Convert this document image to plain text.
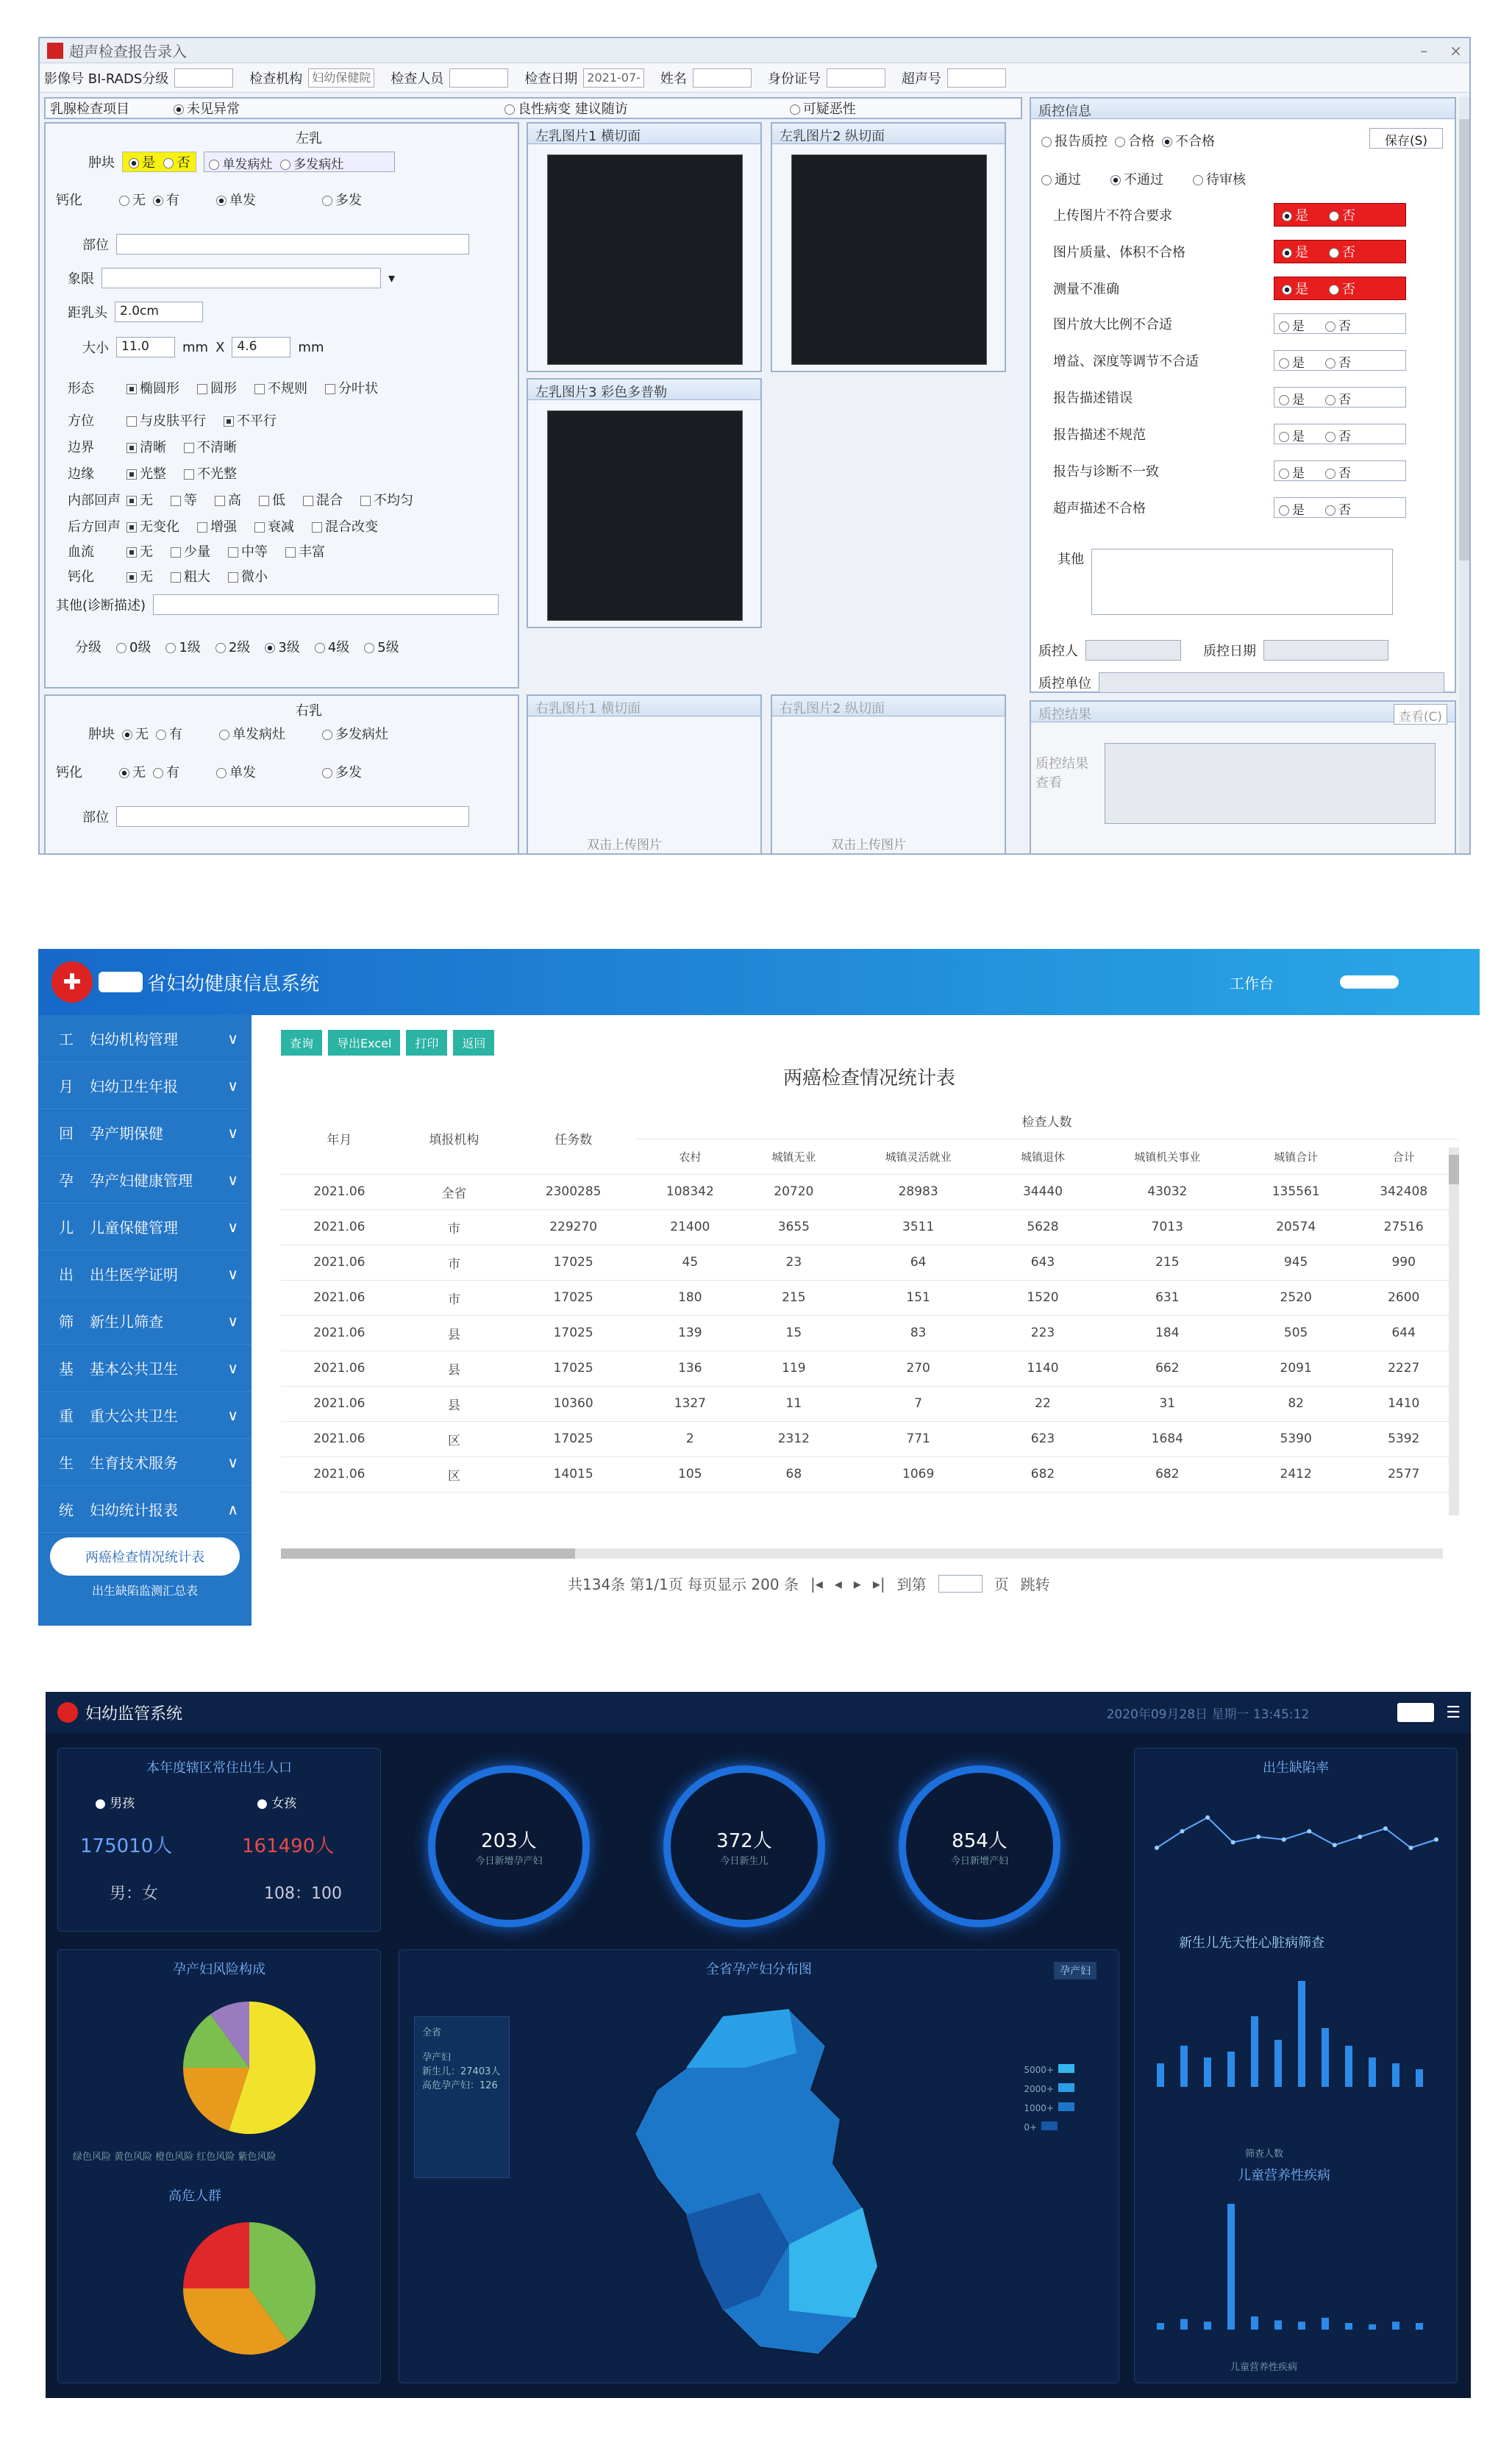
超声检查报告录入	– ×
影像号 BI-RADS分级	检查机构 妇幼保健院 检查人员	检查日期 2021-07- 姓名	身份证号	超声号
乳腺检查项目	未见异常	良性病变 建议随访	可疑恶性
左乳
肿块	是 否	单发病灶 多发病灶
钙化	无	有	单发	多发
部位
象限	▾
距乳头	2.0cm
大小	11.0	mm X	4.6	mm
形态	椭圆形	圆形	不规则	分叶状
方位	与皮肤平行	不平行
边界	清晰	不清晰
边缘	光整	不光整
内部回声	无	等	高	低	混合	不均匀
后方回声	无变化	增强	衰减	混合改变
血流	无	少量	中等	丰富
钙化	无	粗大	微小
其他(诊断描述)
分级	0级	1级	2级	3级	4级	5级
左乳图片1 横切面	左乳图片2 纵切面
左乳图片3 彩色多普勒
右乳
肿块	无	有	单发病灶	多发病灶
钙化	无	有	单发	多发
部位
右乳图片1 横切面
双击上传图片
右乳图片2 纵切面
双击上传图片
质控信息
报告质控	合格	不合格	保存(S)
通过	不通过	待审核
上传图片不符合要求	是	否
图片质量、体积不合格	是	否
测量不准确	是	否
图片放大比例不合适	是	否
增益、深度等调节不合适	是	否
报告描述错误	是	否
报告描述不规范	是	否
报告与诊断不一致	是	否
超声描述不合格	是	否
其他
质控人	质控日期
质控单位
质控结果	查看(C)
质控结果查看
✚	省妇幼健康信息系统	工作台
工	妇幼机构管理	∨
月	妇幼卫生年报	∨
回	孕产期保健	∨
孕	孕产妇健康管理 ∨
儿	儿童保健管理	∨
出	出生医学证明	∨
筛	新生儿筛查	∨
基	基本公共卫生	∨
重	重大公共卫生	∨
生	生育技术服务	∨
统	妇幼统计报表	∧
两癌检查情况统计表
出生缺陷监测汇总表
查询	导出Excel	打印	返回
两癌检查情况统计表
年月	填报机构	任务数	检查人数						
			农村	城镇无业	城镇灵活就业	城镇退休	城镇机关事业	城镇合计	合计
2021.06	全省	2300285	108342	20720	28983	34440	43032	135561	342408
2021.06	市	229270	21400	3655	3511	5628	7013	20574	27516
2021.06	市	17025	45	23	64	643	215	945	990
2021.06	市	17025	180	215	151	1520	631	2520	2600
2021.06	县	17025	139	15	83	223	184	505	644
2021.06	县	17025	136	119	270	1140	662	2091	2227
2021.06	县	10360	1327	11	7	22	31	82	1410
2021.06	区	17025	2	2312	771	623	1684	5390	5392
2021.06	区	14015	105	68	1069	682	682	2412	2577
共134条 第1/1页 每页显示 200 条 |◂ ◂ ▸ ▸| 到第	页 跳转
妇幼监管系统	2020年09月28日 星期一 13:45:12	☰
本年度辖区常住出生人口
● 男孩	● 女孩
175010人	161490人
男：女	108：100
203人
今日新增孕产妇
372人
今日新生儿
854人
今日新增产妇
孕产妇风险构成
绿色风险 黄色风险 橙色风险 红色风险 紫色风险
高危人群
全省孕产妇分布图	孕产妇
全省

孕产妇
新生儿：27403人
高危孕产妇：126
5000+
2000+
1000+
0+
出生缺陷率
新生儿先天性心脏病筛查
筛查人数
儿童营养性疾病
儿童营养性疾病
